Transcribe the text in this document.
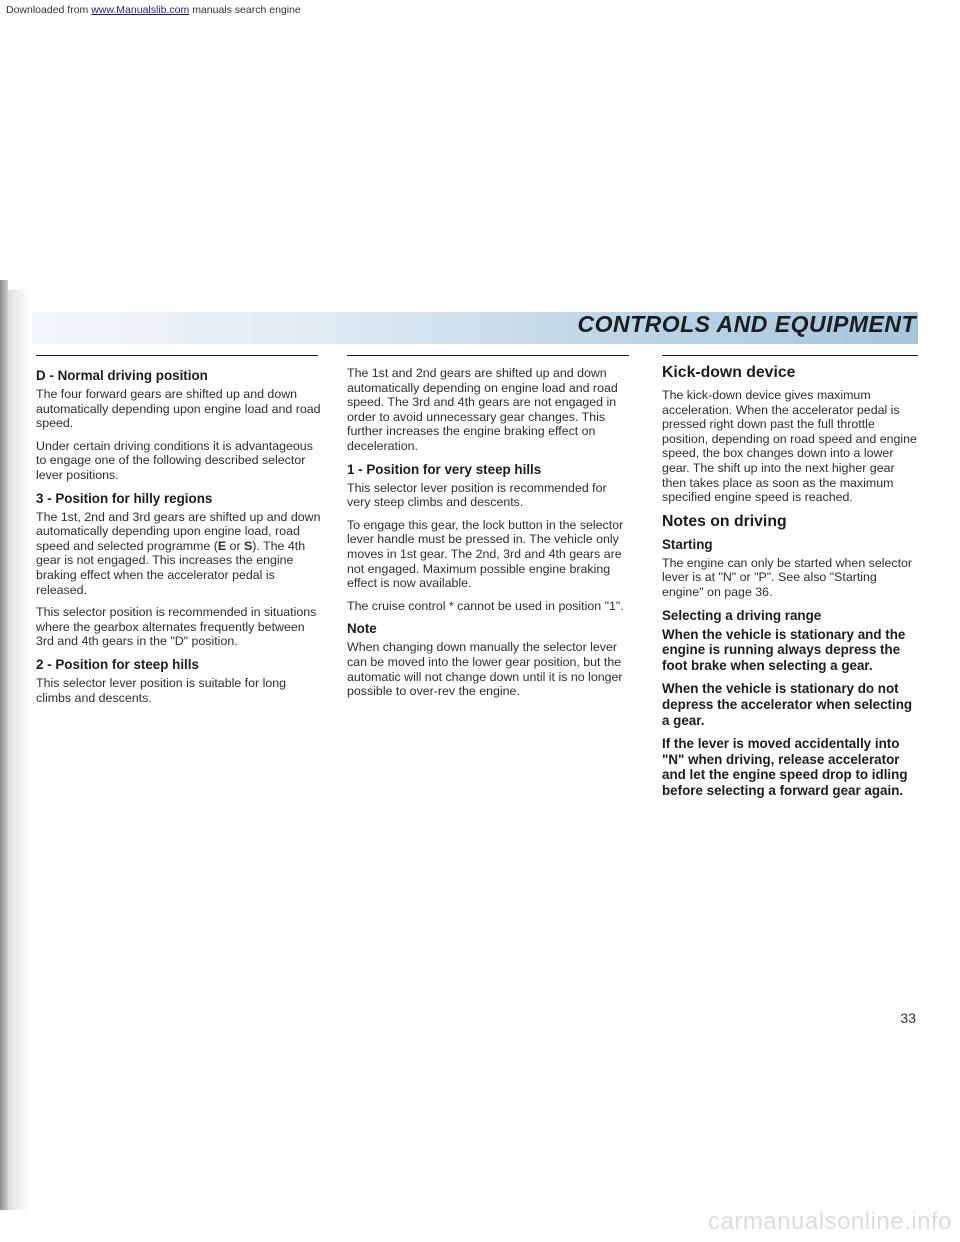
Downloaded from www.Manualslib.com manuals search engine
CONTROLS AND EQUIPMENT
D - Normal driving position

The four forward gears are shifted up and down automatically depending upon engine load and road speed.

Under certain driving conditions it is advantageous to engage one of the following described selector lever positions.

3 - Position for hilly regions

The 1st, 2nd and 3rd gears are shifted up and down automatically depending upon engine load, road speed and selected programme (E or S). The 4th gear is not engaged. This increases the engine braking effect when the accelerator pedal is released.

This selector position is recommended in situations where the gearbox alternates frequently between 3rd and 4th gears in the "D" position.

2 - Position for steep hills

This selector lever position is suitable for long climbs and descents.

The 1st and 2nd gears are shifted up and down automatically depending on engine load and road speed. The 3rd and 4th gears are not engaged in order to avoid unnecessary gear changes. This further increases the engine braking effect on deceleration.

1 - Position for very steep hills

This selector lever position is recommended for very steep climbs and descents.

To engage this gear, the lock button in the selector lever handle must be pressed in. The vehicle only moves in 1st gear. The 2nd, 3rd and 4th gears are not engaged. Maximum possible engine braking effect is now available.

The cruise control * cannot be used in position "1".

Note

When changing down manually the selector lever can be moved into the lower gear position, but the automatic will not change down until it is no longer possible to over-rev the engine.

Kick-down device

The kick-down device gives maximum acceleration. When the accelerator pedal is pressed right down past the full throttle position, depending on road speed and engine speed, the box changes down into a lower gear. The shift up into the next higher gear then takes place as soon as the maximum specified engine speed is reached.

Notes on driving
Starting

The engine can only be started when selector lever is at "N" or "P". See also "Starting engine" on page 36.

Selecting a driving range

When the vehicle is stationary and the engine is running always depress the foot brake when selecting a gear.

When the vehicle is stationary do not depress the accelerator when selecting a gear.

If the lever is moved accidentally into "N" when driving, release accelerator and let the engine speed drop to idling before selecting a forward gear again.

33
carmanualsonline.info
